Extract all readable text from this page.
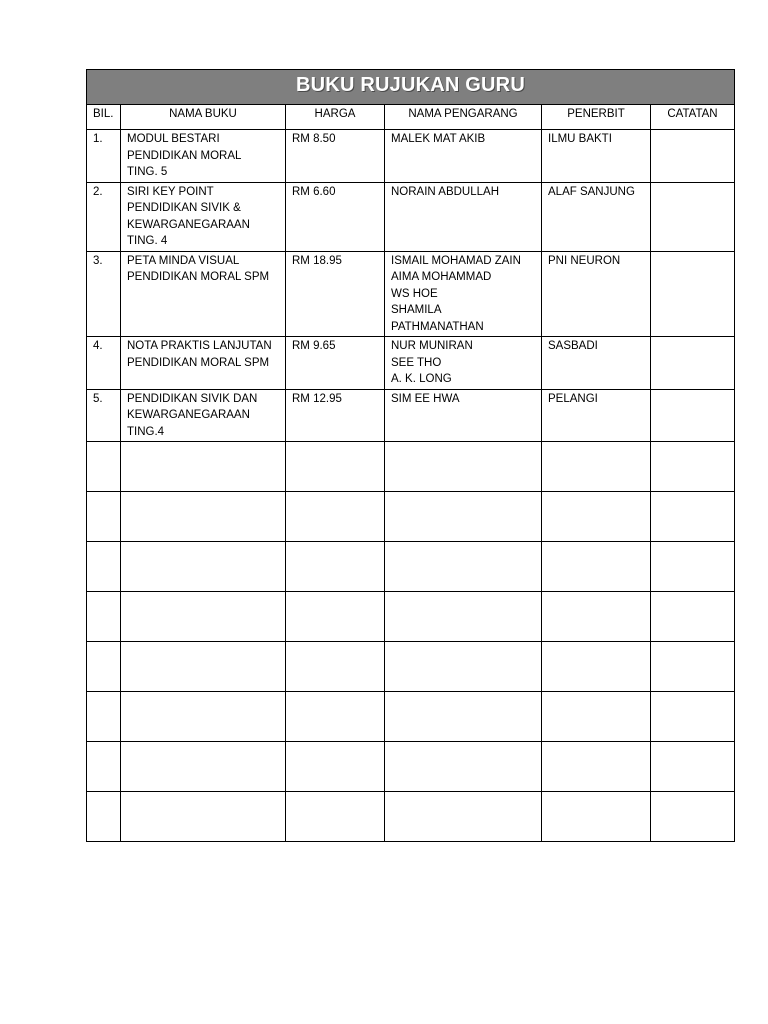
BUKU RUJUKAN GURU					
BIL.	NAMA BUKU	HARGA	NAMA PENGARANG	PENERBIT	CATATAN
1.	MODUL BESTARI
PENDIDIKAN MORAL
TING. 5	RM 8.50	MALEK MAT AKIB	ILMU BAKTI	
2.	SIRI KEY POINT
PENDIDIKAN SIVIK &
KEWARGANEGARAAN
TING. 4	RM 6.60	NORAIN ABDULLAH	ALAF SANJUNG	
3.	PETA MINDA VISUAL
PENDIDIKAN MORAL SPM	RM 18.95	ISMAIL MOHAMAD ZAIN
AIMA MOHAMMAD
WS HOE
SHAMILA
PATHMANATHAN	PNI NEURON	
4.	NOTA PRAKTIS LANJUTAN
PENDIDIKAN MORAL SPM	RM 9.65	NUR MUNIRAN
SEE THO
A. K. LONG	SASBADI	
5.	PENDIDIKAN SIVIK DAN
KEWARGANEGARAAN
TING.4	RM 12.95	SIM EE HWA	PELANGI	
